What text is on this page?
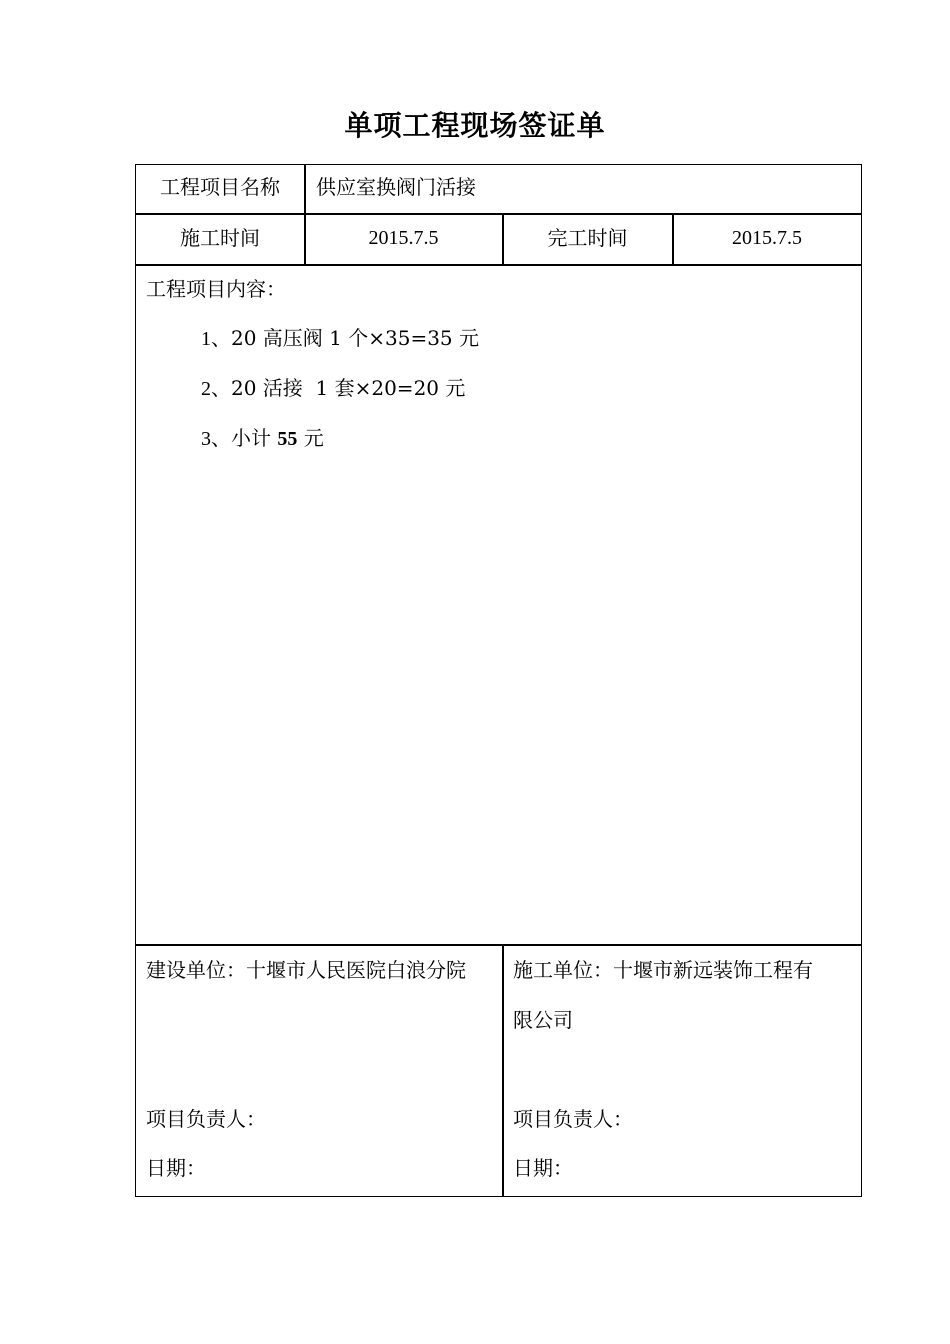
单项工程现场签证单
工程项目名称	供应室换阀门活接
施工时间	2015.7.5	完工时间	2015.7.5
工程项目内容：
1、20 高压阀 1 个×35=35 元
2、20 活接  1 套×20=20 元
3、小计 55 元
建设单位：十堰市人民医院白浪分院
项目负责人：
日期：
施工单位：十堰市新远装饰工程有
限公司
项目负责人：
日期：
